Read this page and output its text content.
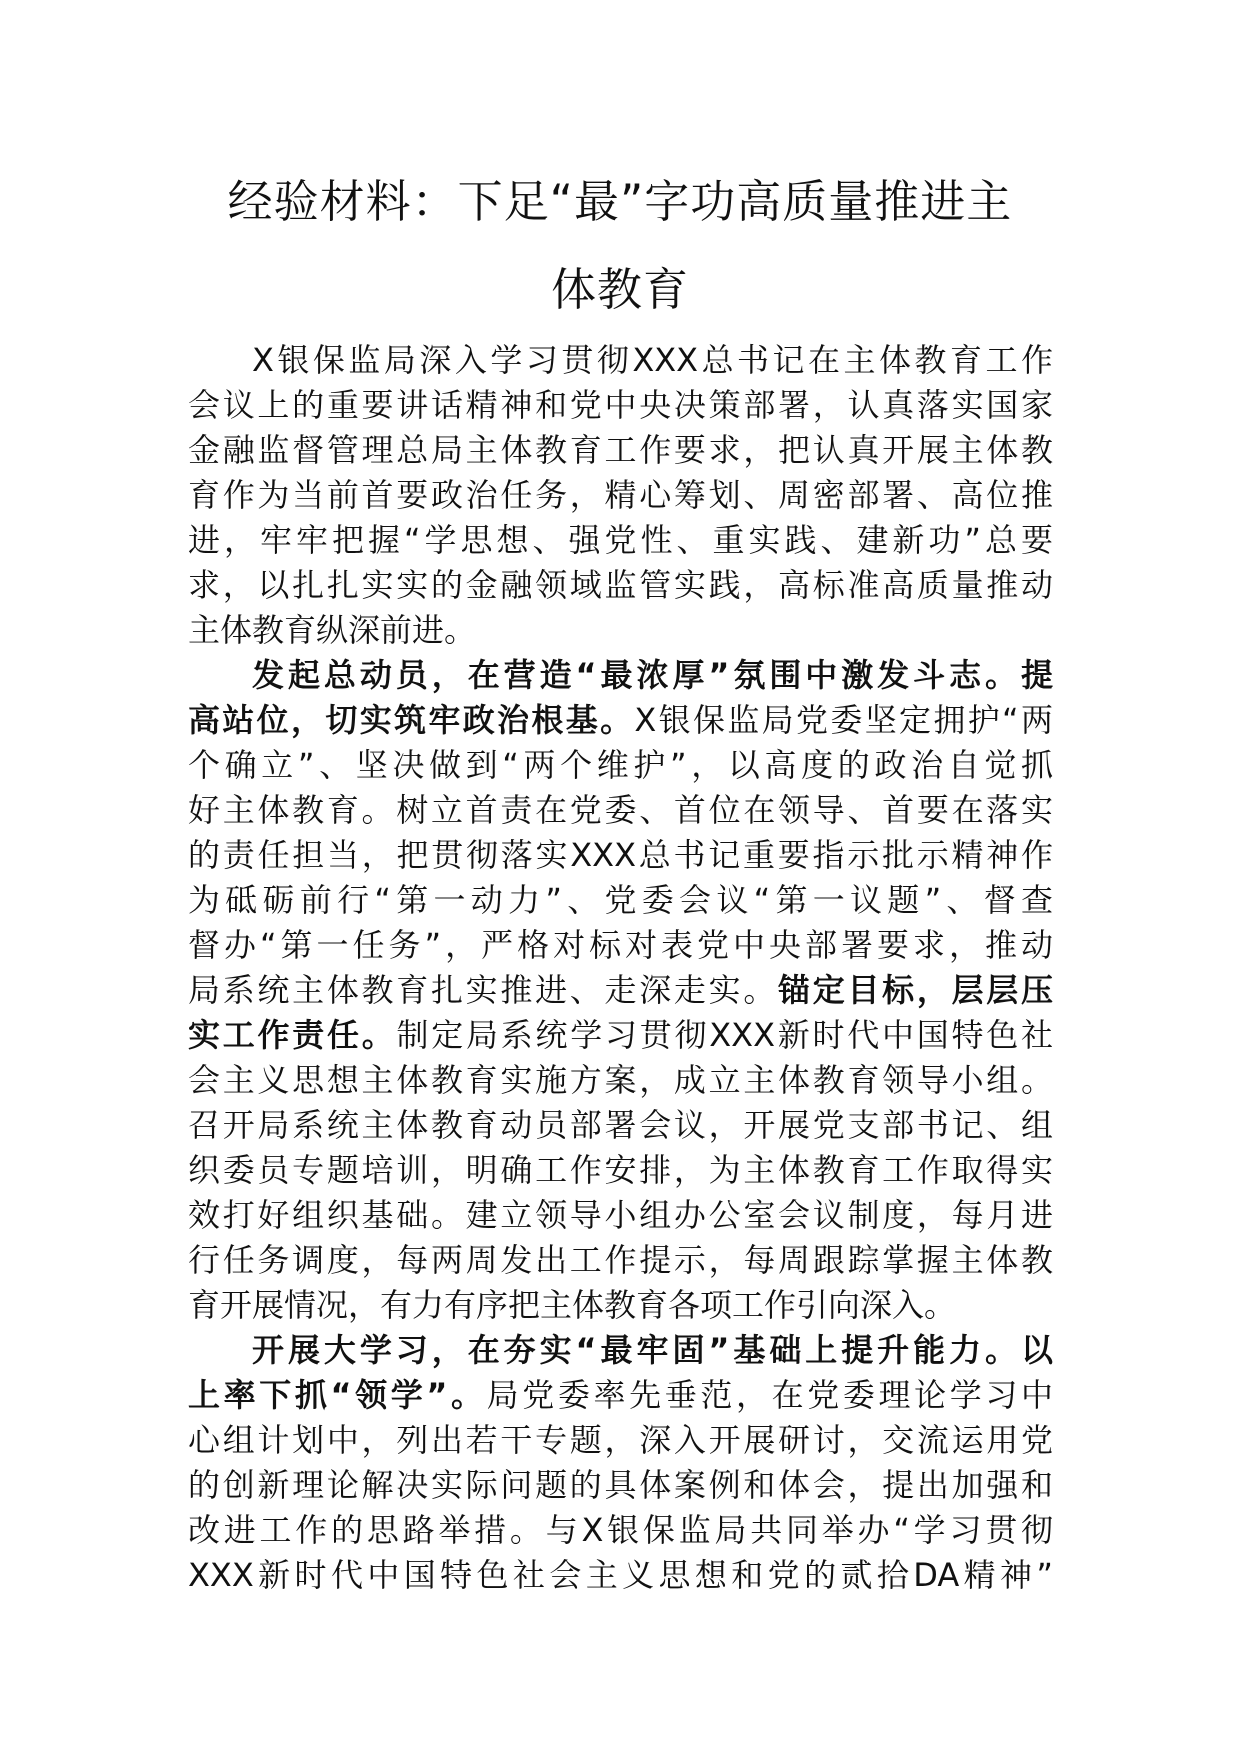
经验材料：下足“最”字功高质量推进主
体教育
X银保监局深入学习贯彻XXX总书记在主体教育工作
会议上的重要讲话精神和党中央决策部署，认真落实国家
金融监督管理总局主体教育工作要求，把认真开展主体教
育作为当前首要政治任务，精心筹划、周密部署、高位推
进，牢牢把握“学思想、强党性、重实践、建新功”总要
求，以扎扎实实的金融领域监管实践，高标准高质量推动
主体教育纵深前进。
发起总动员，在营造“最浓厚”氛围中激发斗志。提
高站位，切实筑牢政治根基。X银保监局党委坚定拥护“两
个确立”、坚决做到“两个维护”，以高度的政治自觉抓
好主体教育。树立首责在党委、首位在领导、首要在落实
的责任担当，把贯彻落实XXX总书记重要指示批示精神作
为砥砺前行“第一动力”、党委会议“第一议题”、督查
督办“第一任务”，严格对标对表党中央部署要求，推动
局系统主体教育扎实推进、走深走实。锚定目标，层层压
实工作责任。制定局系统学习贯彻XXX新时代中国特色社
会主义思想主体教育实施方案，成立主体教育领导小组。
召开局系统主体教育动员部署会议，开展党支部书记、组
织委员专题培训，明确工作安排，为主体教育工作取得实
效打好组织基础。建立领导小组办公室会议制度，每月进
行任务调度，每两周发出工作提示，每周跟踪掌握主体教
育开展情况，有力有序把主体教育各项工作引向深入。
开展大学习，在夯实“最牢固”基础上提升能力。以
上率下抓“领学”。局党委率先垂范，在党委理论学习中
心组计划中，列出若干专题，深入开展研讨，交流运用党
的创新理论解决实际问题的具体案例和体会，提出加强和
改进工作的思路举措。与X银保监局共同举办“学习贯彻
XXX新时代中国特色社会主义思想和党的贰拾DA精神”
